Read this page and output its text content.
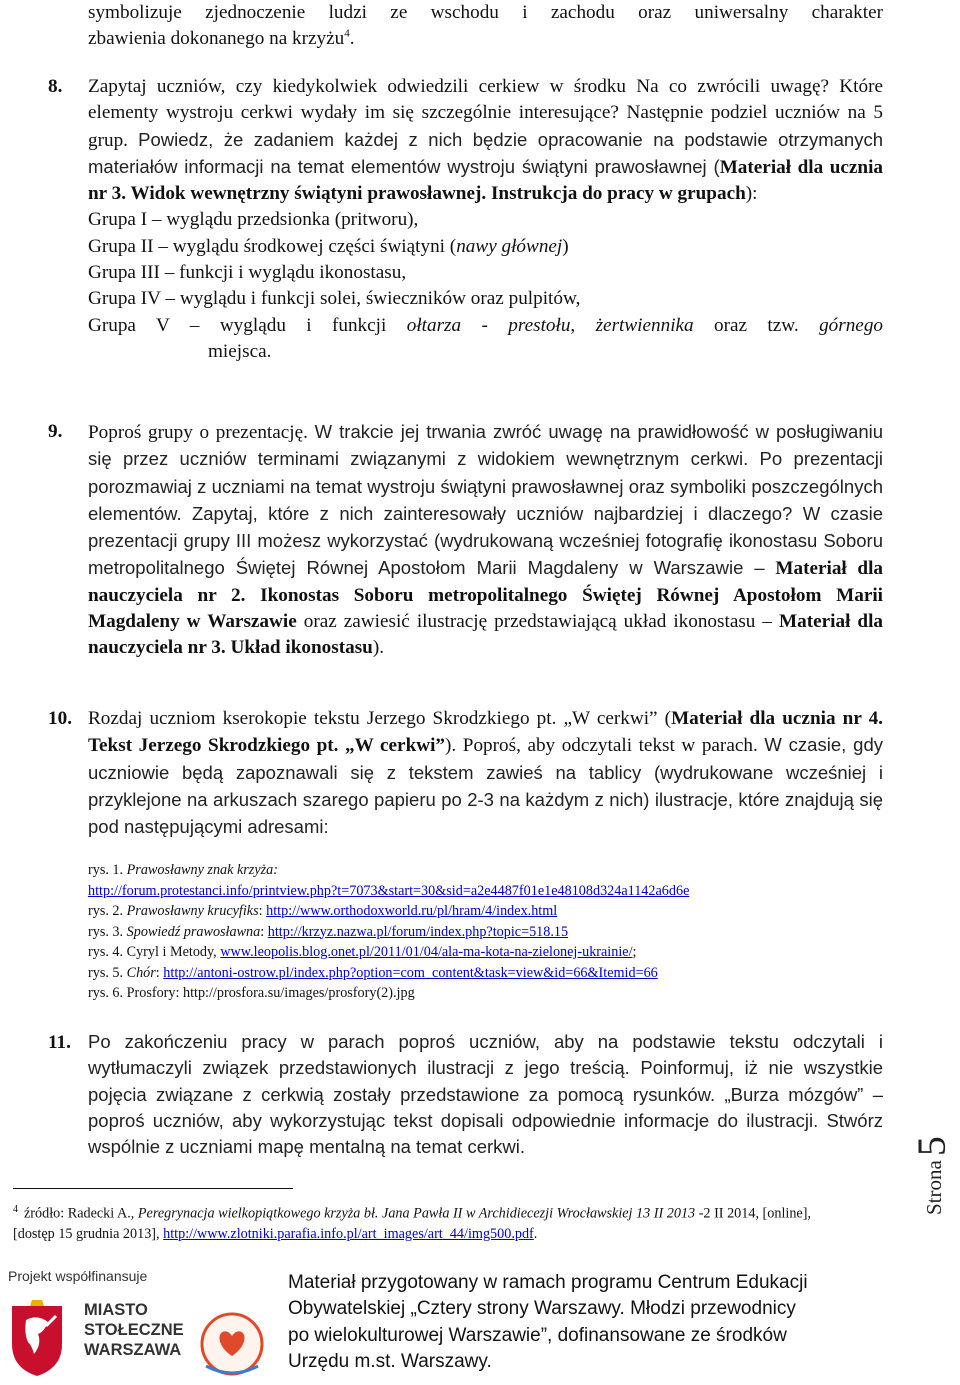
symbolizuje zjednoczenie ludzi ze wschodu i zachodu oraz uniwersalny charakter
zbawienia dokonanego na krzyżu$^4$.
8. Zapytaj uczniów, czy kiedykolwiek odwiedzili cerkiew w środku Na co zwrócili uwagę? Które elementy wystroju cerkwi wydały im się szczególnie interesujące? Następnie podziel uczniów na 5 grup. Powiedz, że zadaniem każdej z nich będzie opracowanie na podstawie otrzymanych materiałów informacji na temat elementów wystroju świątyni prawosławnej (Materiał dla ucznia nr 3. Widok wewnętrzny świątyni prawosławnej. Instrukcja do pracy w grupach):
Grupa I – wyglądu przedsionka (pritworu),
Grupa II – wyglądu środkowej części świątyni (nawy głównej)
Grupa III – funkcji i wyglądu ikonostasu,
Grupa IV – wyglądu i funkcji solei, świeczników oraz pulpitów,
Grupa V – wyglądu i funkcji ołtarza - prestołu, żertwiennika oraz tzw. górnego
miejsca.
9. Poproś grupy o prezentację. W trakcie jej trwania zwróć uwagę na prawidłowość w posługiwaniu się przez uczniów terminami związanymi z widokiem wewnętrznym cerkwi. Po prezentacji porozmawiaj z uczniami na temat wystroju świątyni prawosławnej oraz symboliki poszczególnych elementów. Zapytaj, które z nich zainteresowały uczniów najbardziej i dlaczego? W czasie prezentacji grupy III możesz wykorzystać (wydrukowaną wcześniej fotografię ikonostasu Soboru metropolitalnego Świętej Równej Apostołom Marii Magdaleny w Warszawie – Materiał dla nauczyciela nr 2. Ikonostas Soboru metropolitalnego Świętej Równej Apostołom Marii Magdaleny w Warszawie oraz zawiesić ilustrację przedstawiającą układ ikonostasu – Materiał dla nauczyciela nr 3. Układ ikonostasu).
10. Rozdaj uczniom kserokopie tekstu Jerzego Skrodzkiego pt. „W cerkwi” (Materiał dla ucznia nr 4. Tekst Jerzego Skrodzkiego pt. „W cerkwi”). Poproś, aby odczytali tekst w parach. W czasie, gdy uczniowie będą zapoznawali się z tekstem zawieś na tablicy (wydrukowane wcześniej i przyklejone na arkuszach szarego papieru po 2-3 na każdym z nich) ilustracje, które znajdują się pod następującymi adresami:
rys. 1. Prawosławny znak krzyża:
http://forum.protestanci.info/printview.php?t=7073&start=30&sid=a2e4487f01e1e48108d324a1142a6d6e
rys. 2. Prawosławny krucyfiks: http://www.orthodoxworld.ru/pl/hram/4/index.html
rys. 3. Spowiedź prawosławna: http://krzyz.nazwa.pl/forum/index.php?topic=518.15
rys. 4. Cyryl i Metody, www.leopolis.blog.onet.pl/2011/01/04/ala-ma-kota-na-zielonej-ukrainie/;
rys. 5. Chór: http://antoni-ostrow.pl/index.php?option=com_content&task=view&id=66&Itemid=66
rys. 6. Prosfory: http://prosfora.su/images/prosfory(2).jpg
11. Po zakończeniu pracy w parach poproś uczniów, aby na podstawie tekstu odczytali i wytłumaczyli związek przedstawionych ilustracji z jego treścią. Poinformuj, iż nie wszystkie pojęcia związane z cerkwią zostały przedstawione za pomocą rysunków. „Burza mózgów” – poproś uczniów, aby wykorzystując tekst dopisali odpowiednie informacje do ilustracji. Stwórz wspólnie z uczniami mapę mentalną na temat cerkwi.
$^4$ źródło: Radecki A., Peregrynacja wielkopiątkowego krzyża bł. Jana Pawła II w Archidiecezji Wrocławskiej 13 II 2013 -2 II 2014, [online], [dostęp 15 grudnia 2013], http://www.zlotniki.parafia.info.pl/art_images/art_44/img500.pdf.
Strona5
Projekt współfinansuje
MIASTO
STOŁECZNE
WARSZAWA
Materiał przygotowany w ramach programu Centrum Edukacji
Obywatelskiej „Cztery strony Warszawy. Młodzi przewodnicy
po wielokulturowej Warszawie”, dofinansowane ze środków
Urzędu m.st. Warszawy.
